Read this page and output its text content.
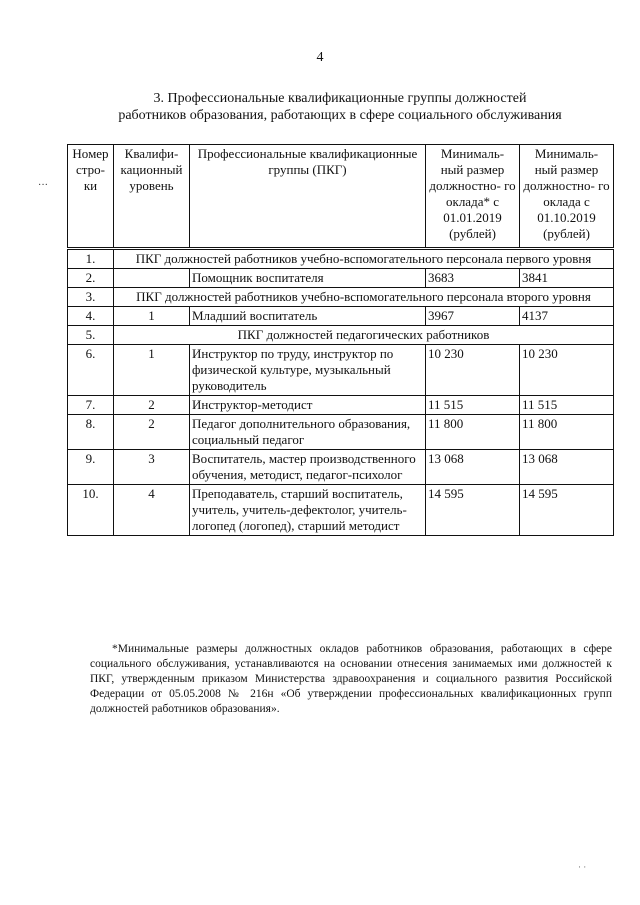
4
3. Профессиональные квалификационные группы должностей
работников образования, работающих в сфере социального обслуживания
···
Номер стро- ки	Квалифи- кационный уровень	Профессиональные квалификационные группы (ПКГ)	Минималь- ный размер должностно- го оклада* с 01.01.2019 (рублей)	Минималь- ный размер должностно- го оклада с 01.10.2019 (рублей)
1.	ПКГ должностей работников учебно-вспомогательного персонала первого уровня			
2.		Помощник воспитателя	3683	3841
3.	ПКГ должностей работников учебно-вспомогательного персонала второго уровня			
4.	1	Младший воспитатель	3967	4137
5.	ПКГ должностей педагогических работников			
6.	1	Инструктор по труду, инструктор по физической культуре, музыкальный руководитель	10 230	10 230
7.	2	Инструктор-методист	11 515	11 515
8.	2	Педагог дополнительного образования, социальный педагог	11 800	11 800
9.	3	Воспитатель, мастер производственного обучения, методист, педагог-психолог	13 068	13 068
10.	4	Преподаватель, старший воспитатель, учитель, учитель-дефектолог, учитель-логопед (логопед), старший методист	14 595	14 595
*Минимальные размеры должностных окладов работников образования, работающих в сфере социального обслуживания, устанавливаются на основании отнесения занимаемых ими должностей к ПКГ, утвержденным приказом Министерства здравоохранения и социального развития Российской Федерации от 05.05.2008 № 216н «Об утверждении профессиональных квалификационных групп должностей работников образования».
· ·
